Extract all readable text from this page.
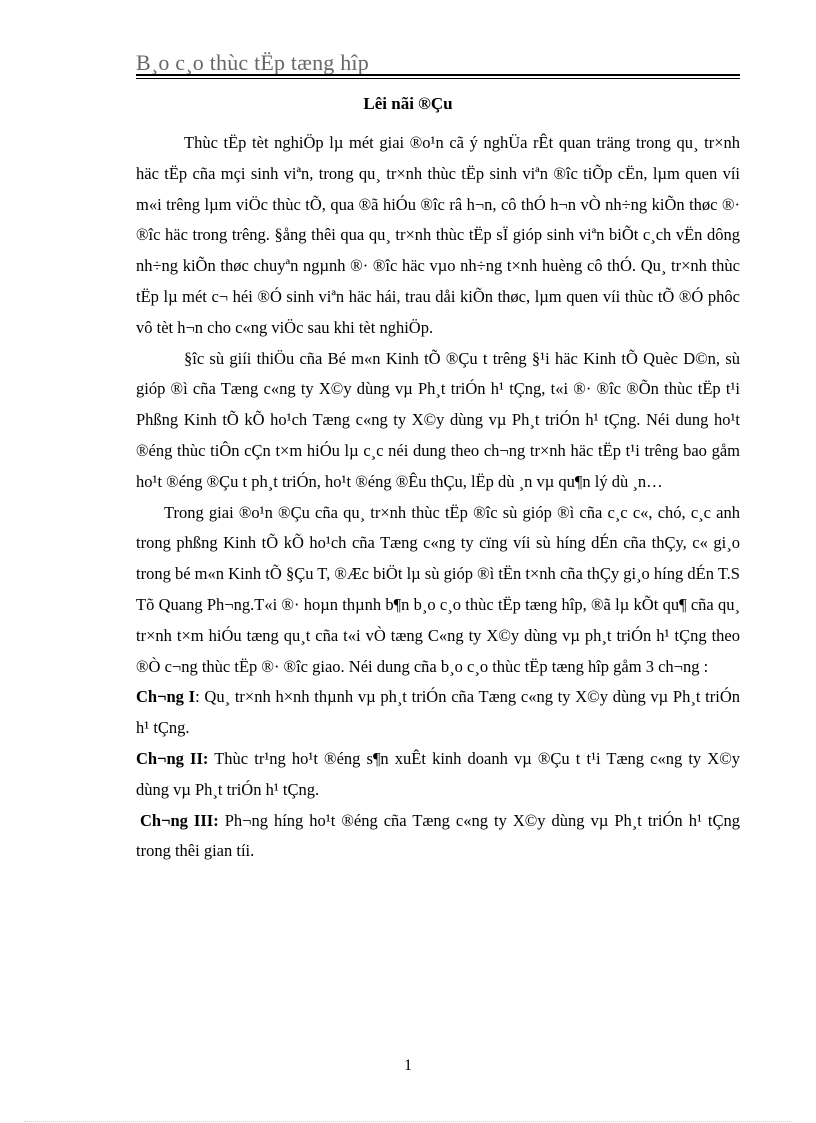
B¸o c¸o thùc tËp tæng hîp
Lêi nãi ®Çu

Thùc tËp tèt nghiÖp lµ mét giai ®o¹n cã ý nghÜa rÊt quan träng trong qu¸ tr×nh häc tËp cña mçi sinh viªn, trong qu¸ tr×nh thùc tËp sinh viªn ®îc tiÕp cËn, lµm quen víi m«i trêng lµm viÖc thùc tÕ, qua ®ã hiÓu ®îc râ h¬n, cô thÓ h¬n vÒ nh÷ng kiÕn thøc ®· ®îc häc trong trêng. §ång thêi qua qu¸ tr×nh thùc tËp sÏ gióp sinh viªn biÕt c¸ch vËn dông nh÷ng kiÕn thøc chuyªn ngµnh ®· ®îc häc vµo nh÷ng t×nh huèng cô thÓ. Qu¸ tr×nh thùc tËp lµ mét c¬ héi ®Ó sinh viªn häc hái, trau dåi kiÕn thøc, lµm quen víi thùc tÕ ®Ó phôc vô tèt h¬n cho c«ng viÖc sau khi tèt nghiÖp.

§îc sù giíi thiÖu cña Bé m«n Kinh tÕ ®Çu t trêng §¹i häc Kinh tÕ Quèc D©n, sù gióp ®ì cña Tæng c«ng ty X©y dùng vµ Ph¸t triÓn h¹ tÇng, t«i ®· ®îc ®Õn thùc tËp t¹i Phßng Kinh tÕ kÕ ho¹ch Tæng c«ng ty X©y dùng vµ Ph¸t triÓn h¹ tÇng. Néi dung ho¹t ®éng thùc tiÔn cÇn t×m hiÓu lµ c¸c néi dung theo ch¬ng tr×nh häc tËp t¹i trêng bao gåm ho¹t ®éng ®Çu t ph¸t triÓn, ho¹t ®éng ®Êu thÇu, lËp dù ¸n vµ qu¶n lý dù ¸n…

Trong giai ®o¹n ®Çu cña qu¸ tr×nh thùc tËp ®îc sù gióp ®ì cña c¸c c«, chó, c¸c anh trong phßng Kinh tÕ kÕ ho¹ch cña Tæng c«ng ty cïng víi sù híng dÉn cña thÇy, c« gi¸o trong bé m«n Kinh tÕ §Çu T, ®Æc biÖt lµ sù gióp ®ì tËn t×nh cña thÇy gi¸o híng dÉn T.S Tõ Quang Ph¬ng.T«i ®· hoµn thµnh b¶n b¸o c¸o thùc tËp tæng hîp, ®ã lµ kÕt qu¶ cña qu¸ tr×nh t×m hiÓu tæng qu¸t cña t«i vÒ tæng C«ng ty X©y dùng vµ ph¸t triÓn h¹ tÇng theo ®Ò c¬ng thùc tËp ®· ®îc giao. Néi dung cña b¸o c¸o thùc tËp tæng hîp gåm 3 ch¬ng :

Ch¬ng I: Qu¸ tr×nh h×nh thµnh vµ ph¸t triÓn cña Tæng c«ng ty X©y dùng vµ Ph¸t triÓn h¹ tÇng.

Ch¬ng II: Thùc tr¹ng ho¹t ®éng s¶n xuÊt kinh doanh vµ ®Çu t t¹i Tæng c«ng ty X©y dùng vµ Ph¸t triÓn h¹ tÇng.

Ch¬ng III: Ph¬ng híng ho¹t ®éng cña Tæng c«ng ty X©y dùng vµ Ph¸t triÓn h¹ tÇng trong thêi gian tíi.

1
